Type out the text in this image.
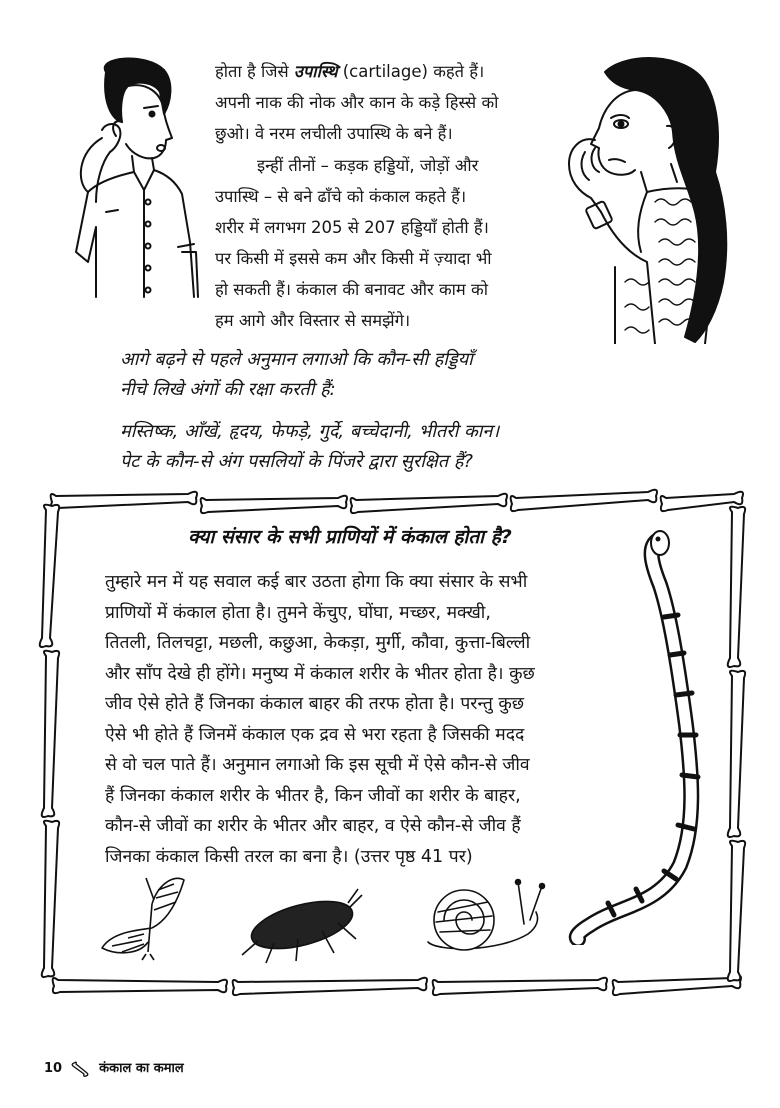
होता है जिसे उपास्थि (cartilage) कहते हैं।

अपनी नाक की नोक और कान के कड़े हिस्से को

छुओ। वे नरम लचीली उपास्थि के बने हैं।

इन्हीं तीनों – कड़क हड्डियों, जोड़ों और

उपास्थि – से बने ढाँचे को कंकाल कहते हैं।

शरीर में लगभग 205 से 207 हड्डियाँ होती हैं।

पर किसी में इससे कम और किसी में ज़्यादा भी

हो सकती हैं। कंकाल की बनावट और काम को

हम आगे और विस्तार से समझेंगे।

आगे बढ़ने से पहले अनुमान लगाओ कि कौन-सी हड्डियाँ
नीचे लिखे अंगों की रक्षा करती हैं:
मस्तिष्क, आँखें, हृदय, फेफड़े, गुर्दे, बच्चेदानी, भीतरी कान।
पेट के कौन-से अंग पसलियों के पिंजरे द्वारा सुरक्षित हैं?
क्या संसार के सभी प्राणियों में कंकाल होता है?
तुम्हारे मन में यह सवाल कई बार उठता होगा कि क्या संसार के सभी
प्राणियों में कंकाल होता है। तुमने केंचुए, घोंघा, मच्छर, मक्खी,
तितली, तिलचट्टा, मछली, कछुआ, केकड़ा, मुर्गी, कौवा, कुत्ता-बिल्ली
और साँप देखे ही होंगे। मनुष्य में कंकाल शरीर के भीतर होता है। कुछ
जीव ऐसे होते हैं जिनका कंकाल बाहर की तरफ होता है। परन्तु कुछ
ऐसे भी होते हैं जिनमें कंकाल एक द्रव से भरा रहता है जिसकी मदद
से वो चल पाते हैं। अनुमान लगाओ कि इस सूची में ऐसे कौन-से जीव
हैं जिनका कंकाल शरीर के भीतर है, किन जीवों का शरीर के बाहर,
कौन-से जीवों का शरीर के भीतर और बाहर, व ऐसे कौन-से जीव हैं
जिनका कंकाल किसी तरल का बना है। (उत्तर पृष्ठ 41 पर)
10	कंकाल का कमाल
